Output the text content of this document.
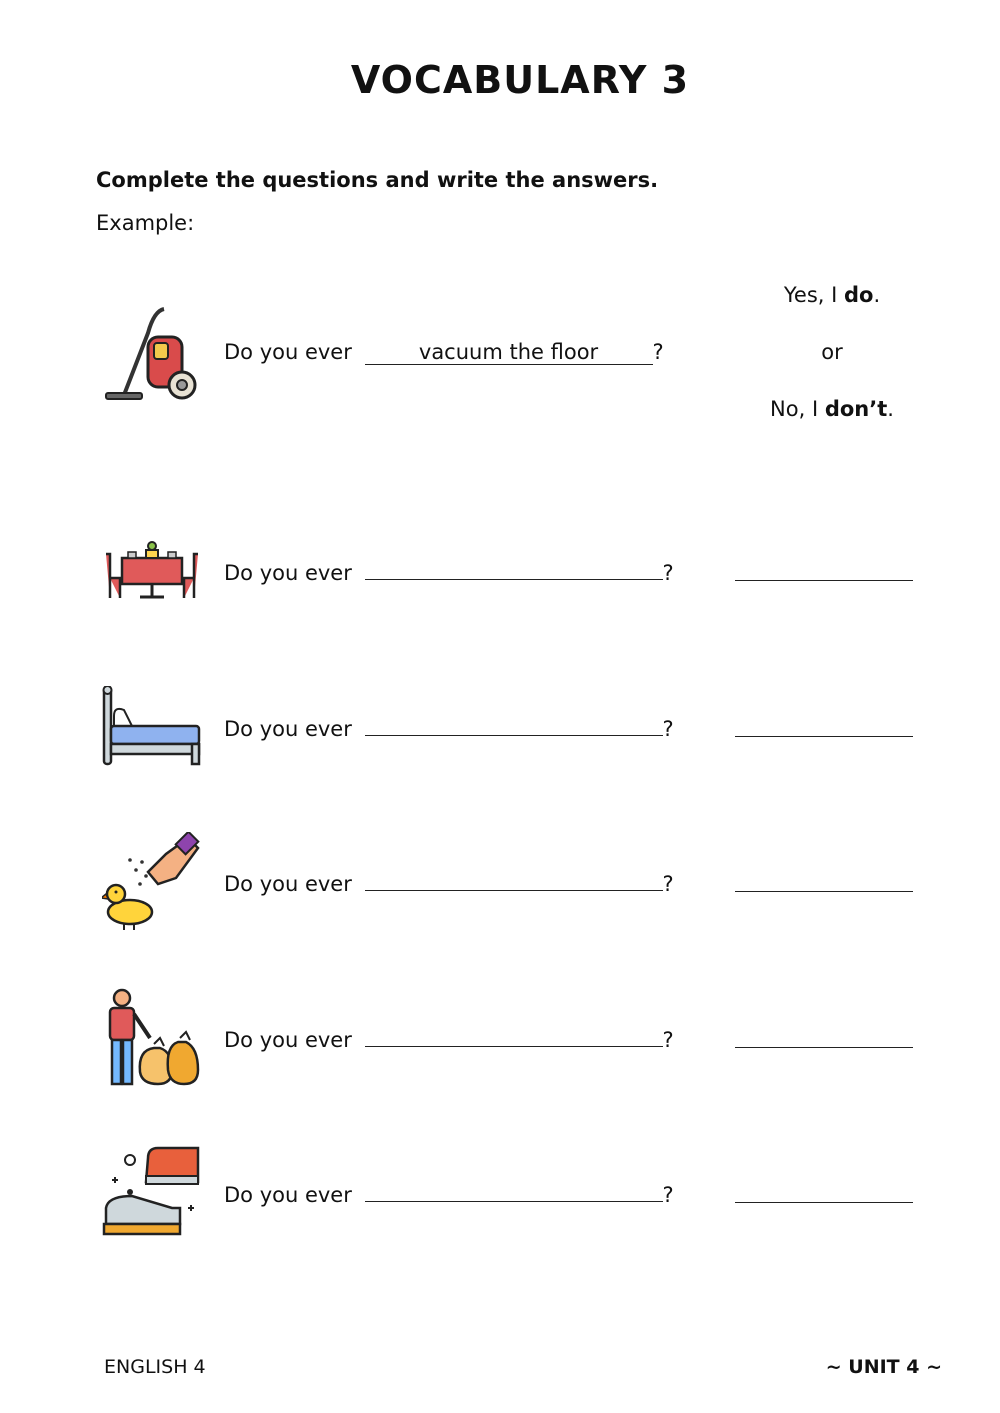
VOCABULARY 3
Complete the questions and write the answers.
Example:
Do you ever	vacuum the floor	?
Yes, I do.
or
No, I don’t.
Do you ever	?
Do you ever	?
Do you ever	?
Do you ever	?
Do you ever	?
ENGLISH 4	~ UNIT 4 ~
